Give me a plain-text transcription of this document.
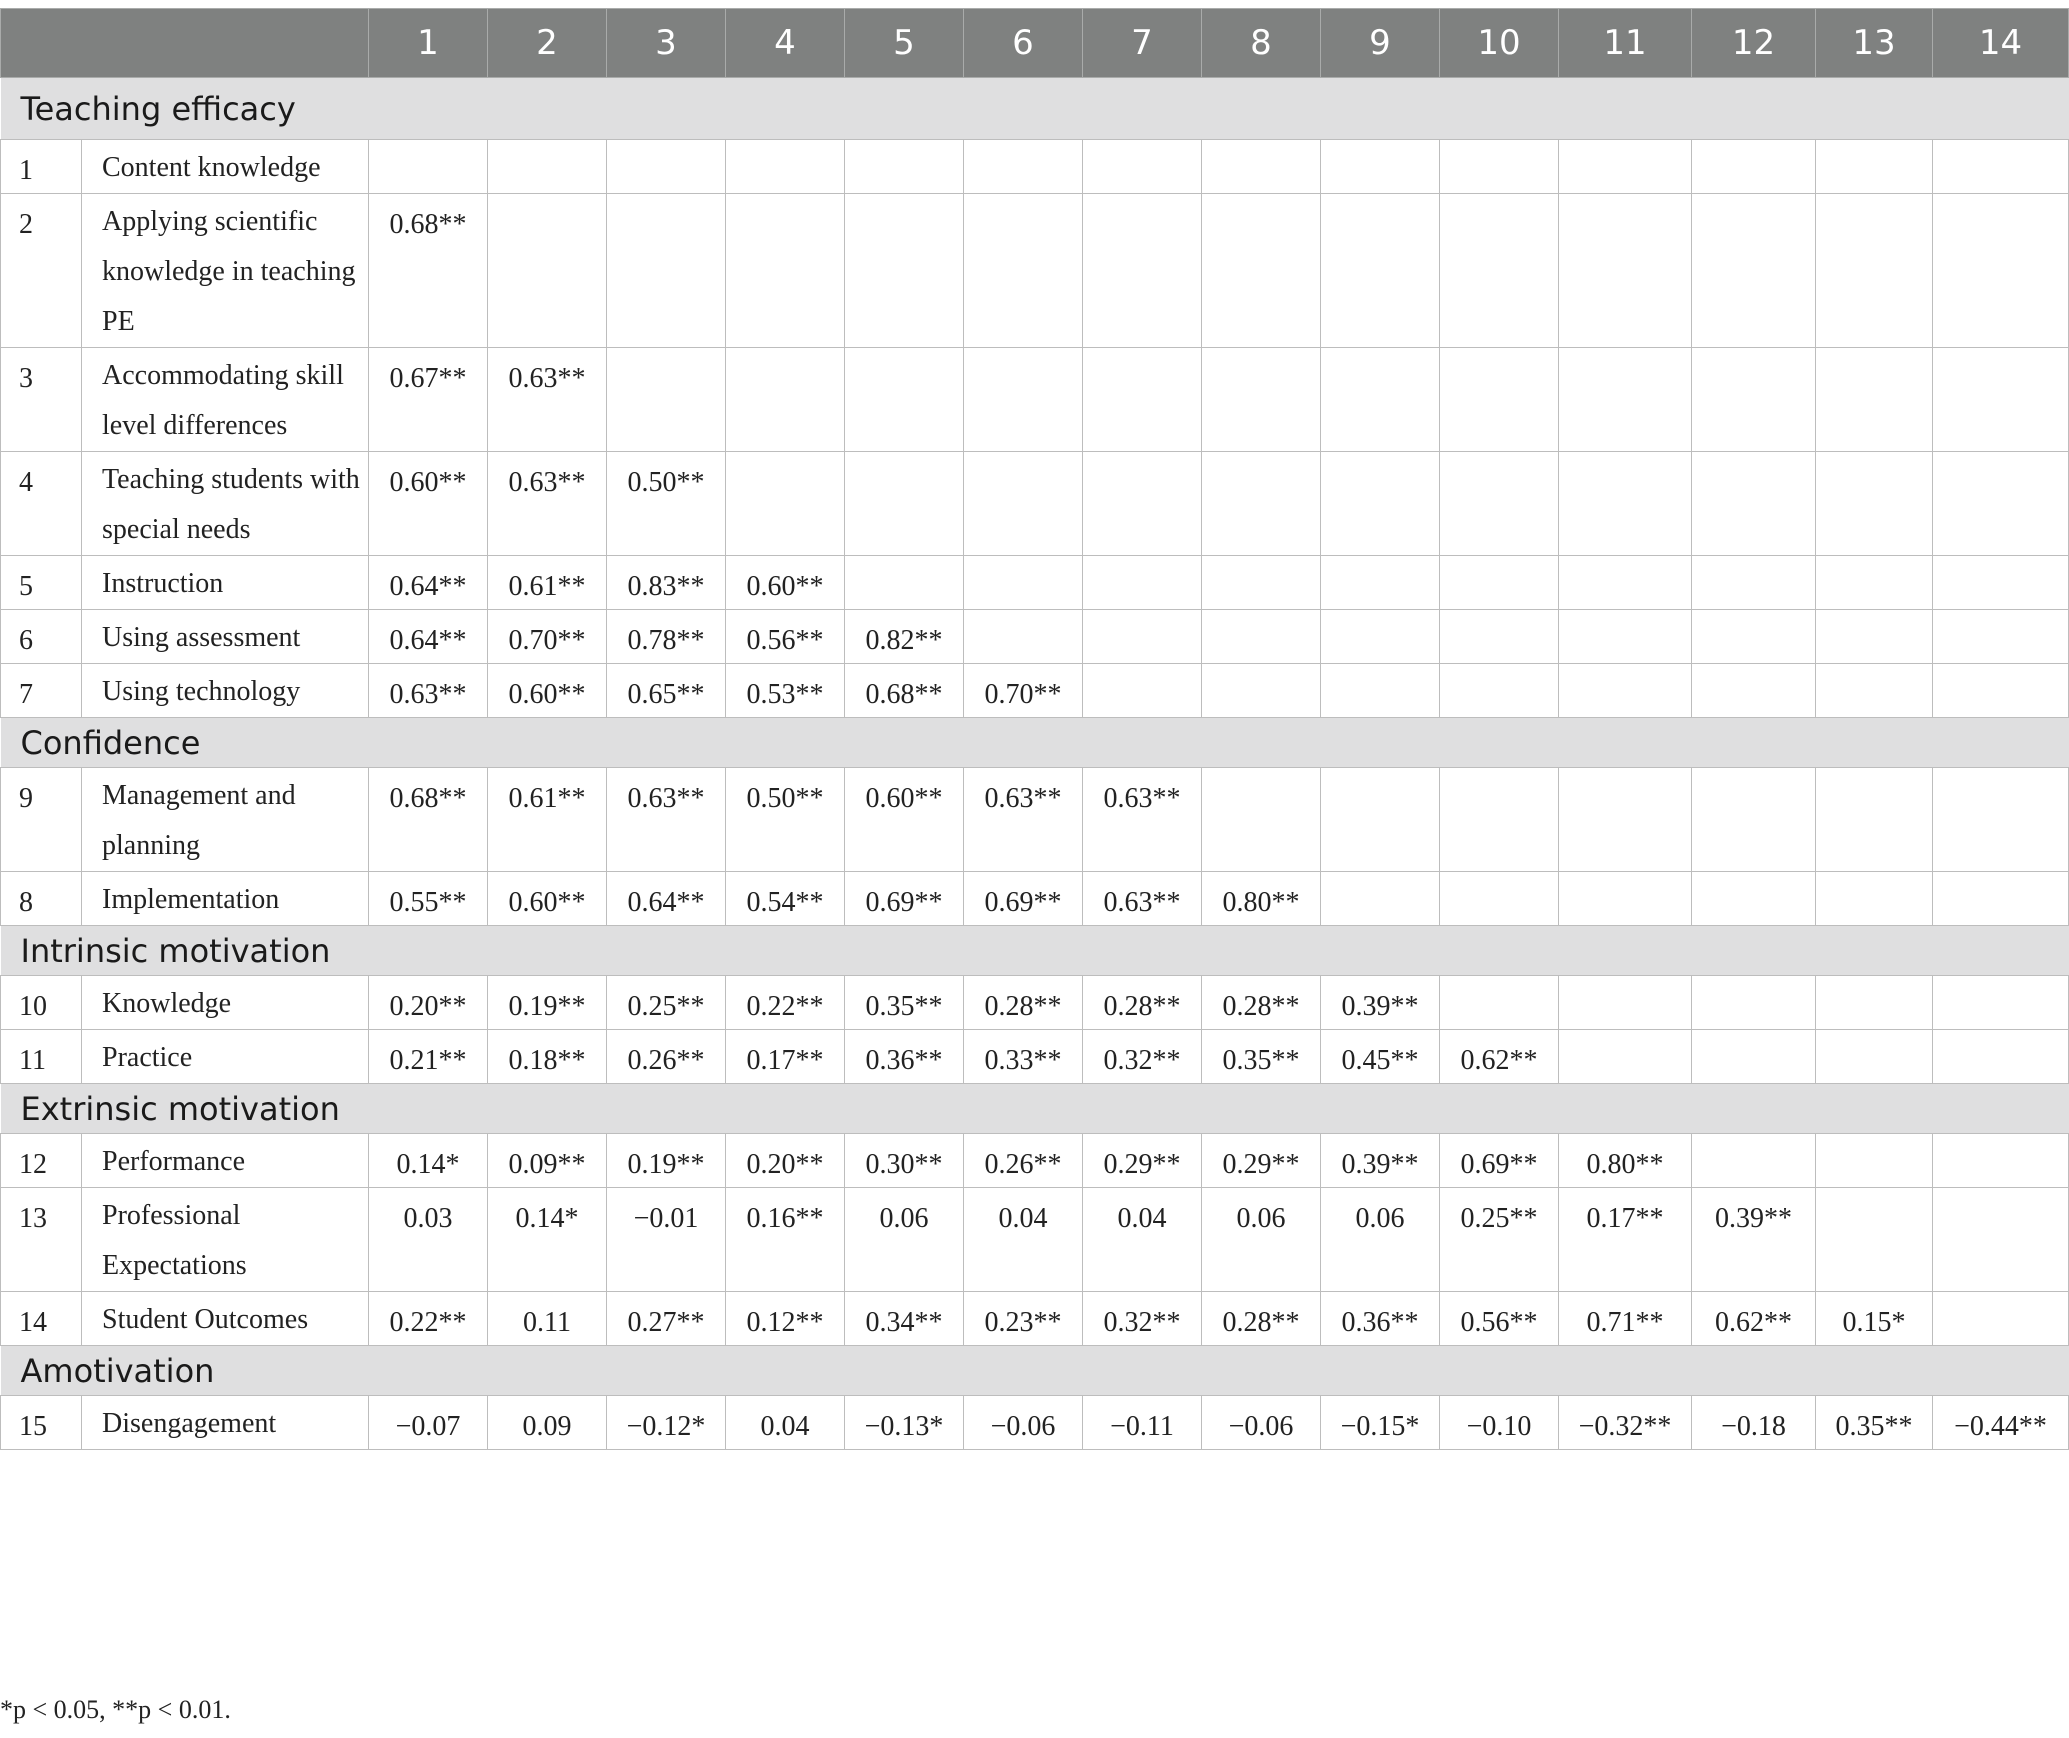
		1	2	3	4	5	6	7	8	9	10	11	12	13	14
Teaching efficacy															
1	Content knowledge														
2	Applying scientific knowledge in teaching PE	0.68**													
3	Accommodating skill level differences	0.67**	0.63**												
4	Teaching students with special needs	0.60**	0.63**	0.50**											
5	Instruction	0.64**	0.61**	0.83**	0.60**										
6	Using assessment	0.64**	0.70**	0.78**	0.56**	0.82**									
7	Using technology	0.63**	0.60**	0.65**	0.53**	0.68**	0.70**								
Confidence															
9	Management and planning	0.68**	0.61**	0.63**	0.50**	0.60**	0.63**	0.63**							
8	Implementation	0.55**	0.60**	0.64**	0.54**	0.69**	0.69**	0.63**	0.80**						
Intrinsic motivation															
10	Knowledge	0.20**	0.19**	0.25**	0.22**	0.35**	0.28**	0.28**	0.28**	0.39**					
11	Practice	0.21**	0.18**	0.26**	0.17**	0.36**	0.33**	0.32**	0.35**	0.45**	0.62**				
Extrinsic motivation															
12	Performance	0.14*	0.09**	0.19**	0.20**	0.30**	0.26**	0.29**	0.29**	0.39**	0.69**	0.80**			
13	Professional Expectations	0.03	0.14*	−0.01	0.16**	0.06	0.04	0.04	0.06	0.06	0.25**	0.17**	0.39**		
14	Student Outcomes	0.22**	0.11	0.27**	0.12**	0.34**	0.23**	0.32**	0.28**	0.36**	0.56**	0.71**	0.62**	0.15*	
Amotivation															
15	Disengagement	−0.07	0.09	−0.12*	0.04	−0.13*	−0.06	−0.11	−0.06	−0.15*	−0.10	−0.32**	−0.18	0.35**	−0.44**
*p < 0.05, **p < 0.01.
